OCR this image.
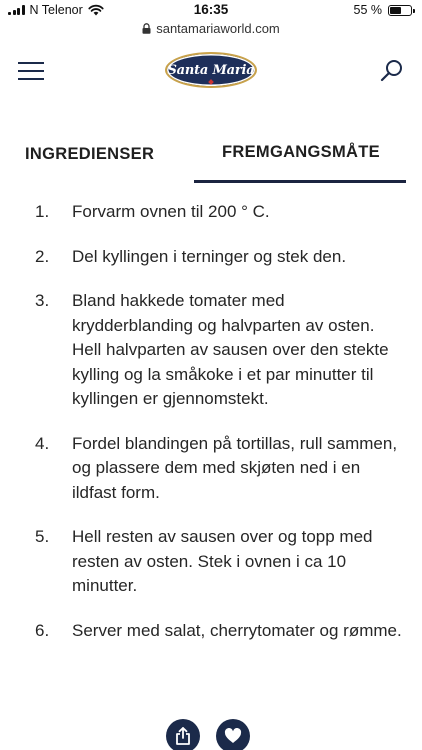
N Telenor	16:35	55 %
santamariaworld.com
Santa Maria
INGREDIENSER	FREMGANGSMÅTE
1. Forvarm ovnen til 200 ° C.
2. Del kyllingen i terninger og stek den.
3. Bland hakkede tomater med krydderblanding og halvparten av osten. Hell halvparten av sausen over den stekte kylling og la småkoke i et par minutter til kyllingen er gjennomstekt.
4. Fordel blandingen på tortillas, rull sammen, og plassere dem med skjøten ned i en ildfast form.
5. Hell resten av sausen over og topp med resten av osten. Stek i ovnen i ca 10 minutter.
6. Server med salat, cherrytomater og rømme.
